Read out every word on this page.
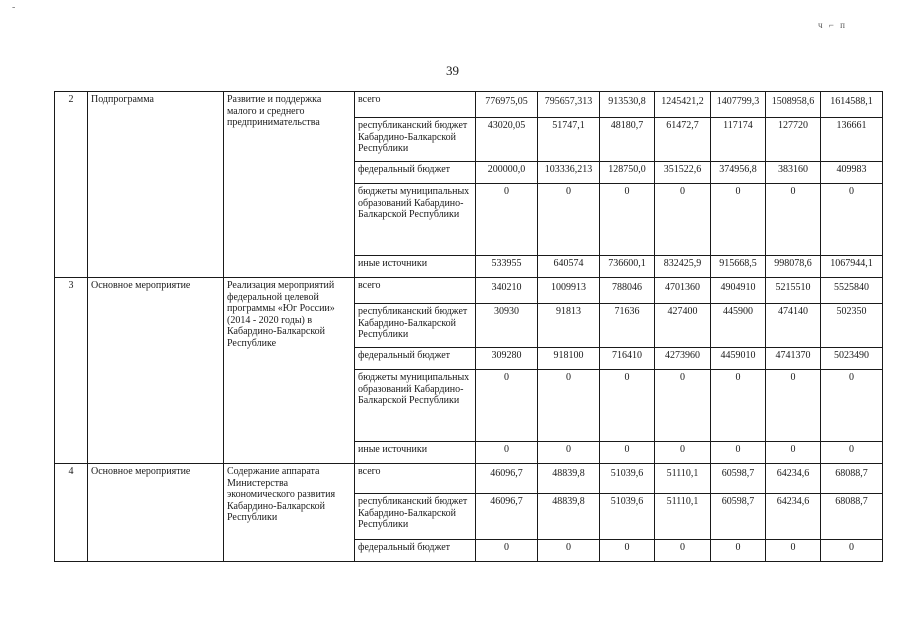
-
ч ⌐ п
39
2	Подпрограмма	Развитие и поддержка малого и среднего предпринимательства	всего	776975,05	795657,313	913530,8	1245421,2	1407799,3	1508958,6	1614588,1
			республиканский бюджет Кабардино-Балкарской Республики	43020,05	51747,1	48180,7	61472,7	117174	127720	136661
			федеральный бюджет	200000,0	103336,213	128750,0	351522,6	374956,8	383160	409983
			бюджеты муниципальных образований Кабардино-Балкарской Республики	0	0	0	0	0	0	0
			иные источники	533955	640574	736600,1	832425,9	915668,5	998078,6	1067944,1
3	Основное мероприятие	Реализация мероприятий федеральной целевой программы «Юг России» (2014 - 2020 годы) в Кабардино-Балкарской Республике	всего	340210	1009913	788046	4701360	4904910	5215510	5525840
			республиканский бюджет Кабардино-Балкарской Республики	30930	91813	71636	427400	445900	474140	502350
			федеральный бюджет	309280	918100	716410	4273960	4459010	4741370	5023490
			бюджеты муниципальных образований Кабардино-Балкарской Республики	0	0	0	0	0	0	0
			иные источники	0	0	0	0	0	0	0
4	Основное мероприятие	Содержание аппарата Министерства экономического развития Кабардино-Балкарской Республики	всего	46096,7	48839,8	51039,6	51110,1	60598,7	64234,6	68088,7
			республиканский бюджет Кабардино-Балкарской Республики	46096,7	48839,8	51039,6	51110,1	60598,7	64234,6	68088,7
			федеральный бюджет	0	0	0	0	0	0	0
